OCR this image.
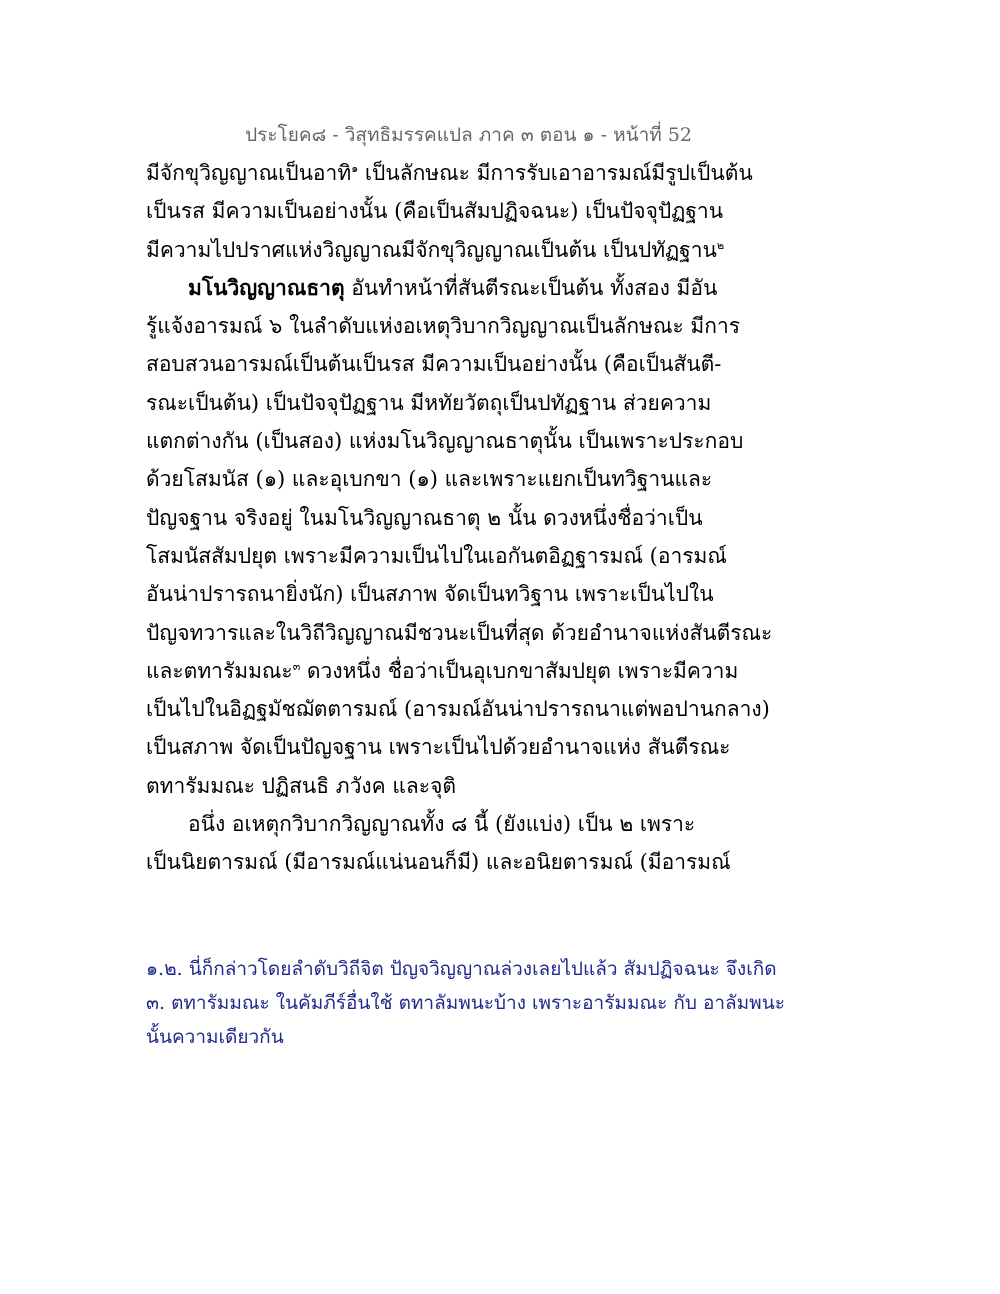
ประโยค๘ - วิสุทธิมรรคแปล ภาค ๓ ตอน ๑ - หน้าที่ 52
มีจักขุวิญญาณเป็นอาทิ$^๑$ เป็นลักษณะ มีการรับเอาอารมณ์มีรูปเป็นต้น
เป็นรส มีความเป็นอย่างนั้น (คือเป็นสัมปฏิจฉนะ) เป็นปัจจุปัฏฐาน
มีความไปปราศแห่งวิญญาณมีจักขุวิญญาณเป็นต้น เป็นปทัฏฐาน$^๒$
มโนวิญญาณธาตุ อันทำหน้าที่สันตีรณะเป็นต้น ทั้งสอง มีอัน
รู้แจ้งอารมณ์ ๖ ในลำดับแห่งอเหตุวิบากวิญญาณเป็นลักษณะ มีการ
สอบสวนอารมณ์เป็นต้นเป็นรส มีความเป็นอย่างนั้น (คือเป็นสันตี-
รณะเป็นต้น) เป็นปัจจุปัฏฐาน มีหทัยวัตถุเป็นปทัฏฐาน ส่วยความ
แตกต่างกัน (เป็นสอง) แห่งมโนวิญญาณธาตุนั้น เป็นเพราะประกอบ
ด้วยโสมนัส (๑) และอุเบกขา (๑) และเพราะแยกเป็นทวิฐานและ
ปัญจฐาน จริงอยู่ ในมโนวิญญาณธาตุ ๒ นั้น ดวงหนึ่งชื่อว่าเป็น
โสมนัสสัมปยุต เพราะมีความเป็นไปในเอกันตอิฏฐารมณ์ (อารมณ์
อันน่าปรารถนายิ่งนัก) เป็นสภาพ จัดเป็นทวิฐาน เพราะเป็นไปใน
ปัญจทวารและในวิถีวิญญาณมีชวนะเป็นที่สุด ด้วยอำนาจแห่งสันตีรณะ
และตทารัมมณะ$^๓$ ดวงหนึ่ง ชื่อว่าเป็นอุเบกขาสัมปยุต เพราะมีความ
เป็นไปในอิฏฐมัชฌัตตารมณ์ (อารมณ์อันน่าปรารถนาแต่พอปานกลาง)
เป็นสภาพ จัดเป็นปัญจฐาน เพราะเป็นไปด้วยอำนาจแห่ง สันตีรณะ
ตทารัมมณะ ปฏิสนธิ ภวังค และจุติ
อนึ่ง อเหตุกวิบากวิญญาณทั้ง ๘ นี้ (ยังแบ่ง) เป็น ๒ เพราะ
เป็นนิยตารมณ์ (มีอารมณ์แน่นอนก็มี) และอนิยตารมณ์ (มีอารมณ์
๑.๒. นี่ก็กล่าวโดยลำดับวิถีจิต ปัญจวิญญาณล่วงเลยไปแล้ว สัมปฏิจฉนะ จึงเกิด
๓. ตทารัมมณะ ในคัมภีร์อื่นใช้ ตทาลัมพนะบ้าง เพราะอารัมมณะ กับ อาลัมพนะ
นั้นความเดียวกัน
